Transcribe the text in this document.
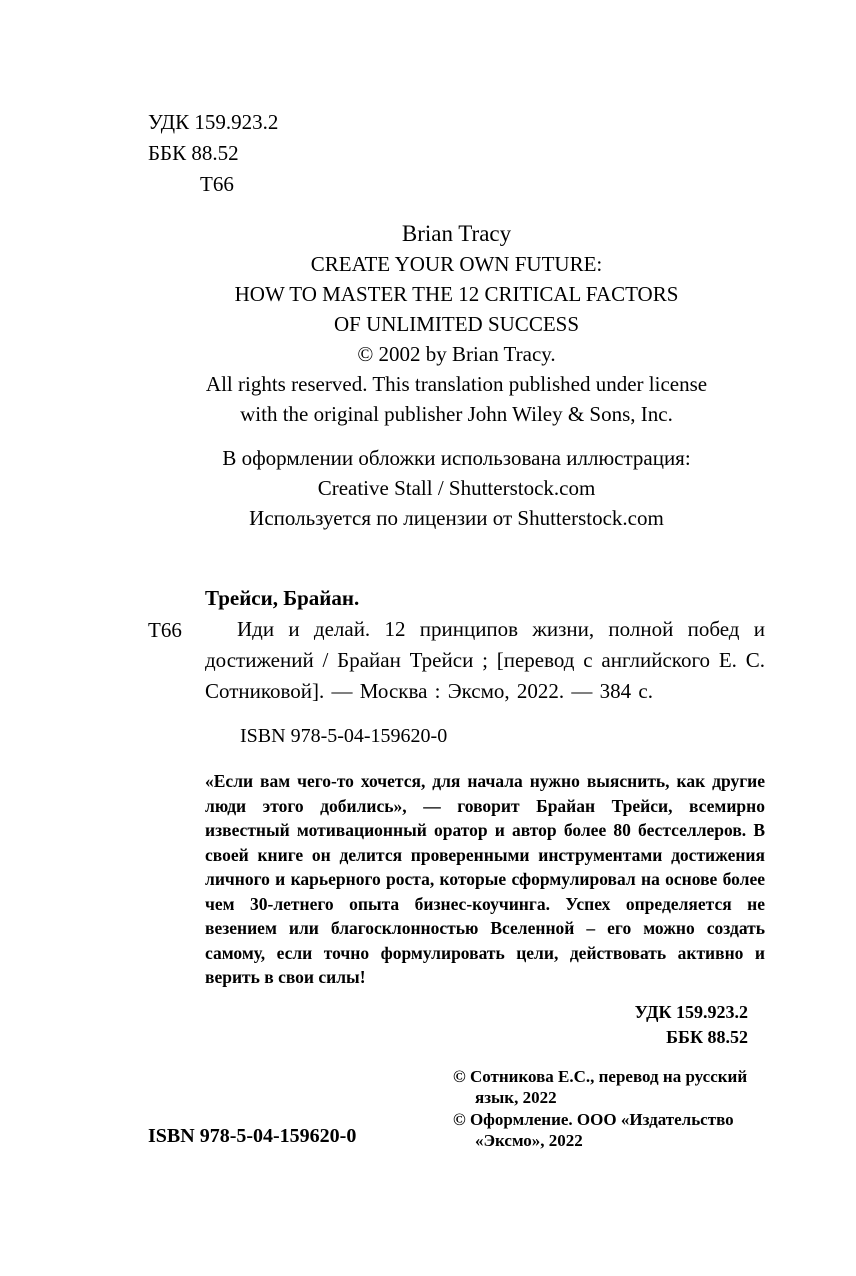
УДК 159.923.2
ББК 88.52
Т66
Brian Tracy
CREATE YOUR OWN FUTURE:
HOW TO MASTER THE 12 CRITICAL FACTORS
OF UNLIMITED SUCCESS
© 2002 by Brian Tracy.
All rights reserved. This translation published under license
with the original publisher John Wiley & Sons, Inc.
В оформлении обложки использована иллюстрация:
Creative Stall / Shutterstock.com
Используется по лицензии от Shutterstock.com
Трейси, Брайан.
Т66	Иди и делай. 12 принципов жизни, полной побед и достижений / Брайан Трейси ; [перевод с английского Е. С. Сотниковой]. — Москва : Эксмо, 2022. — 384 с.
ISBN 978-5-04-159620-0
«Если вам чего-то хочется, для начала нужно выяснить, как другие люди этого добились», — говорит Брайан Трейси, всемирно известный мотивационный оратор и автор более 80 бестселлеров. В своей книге он делится проверенными инструментами достижения личного и карьерного роста, которые сформулировал на основе более чем 30-летнего опыта бизнес-коучинга. Успех определяется не везением или благосклонностью Вселенной – его можно создать самому, если точно формулировать цели, действовать активно и верить в свои силы!
УДК 159.923.2
ББК 88.52
ISBN 978-5-04-159620-0
© Сотникова Е.С., перевод на русский язык, 2022
© Оформление. ООО «Издательство «Эксмо», 2022
